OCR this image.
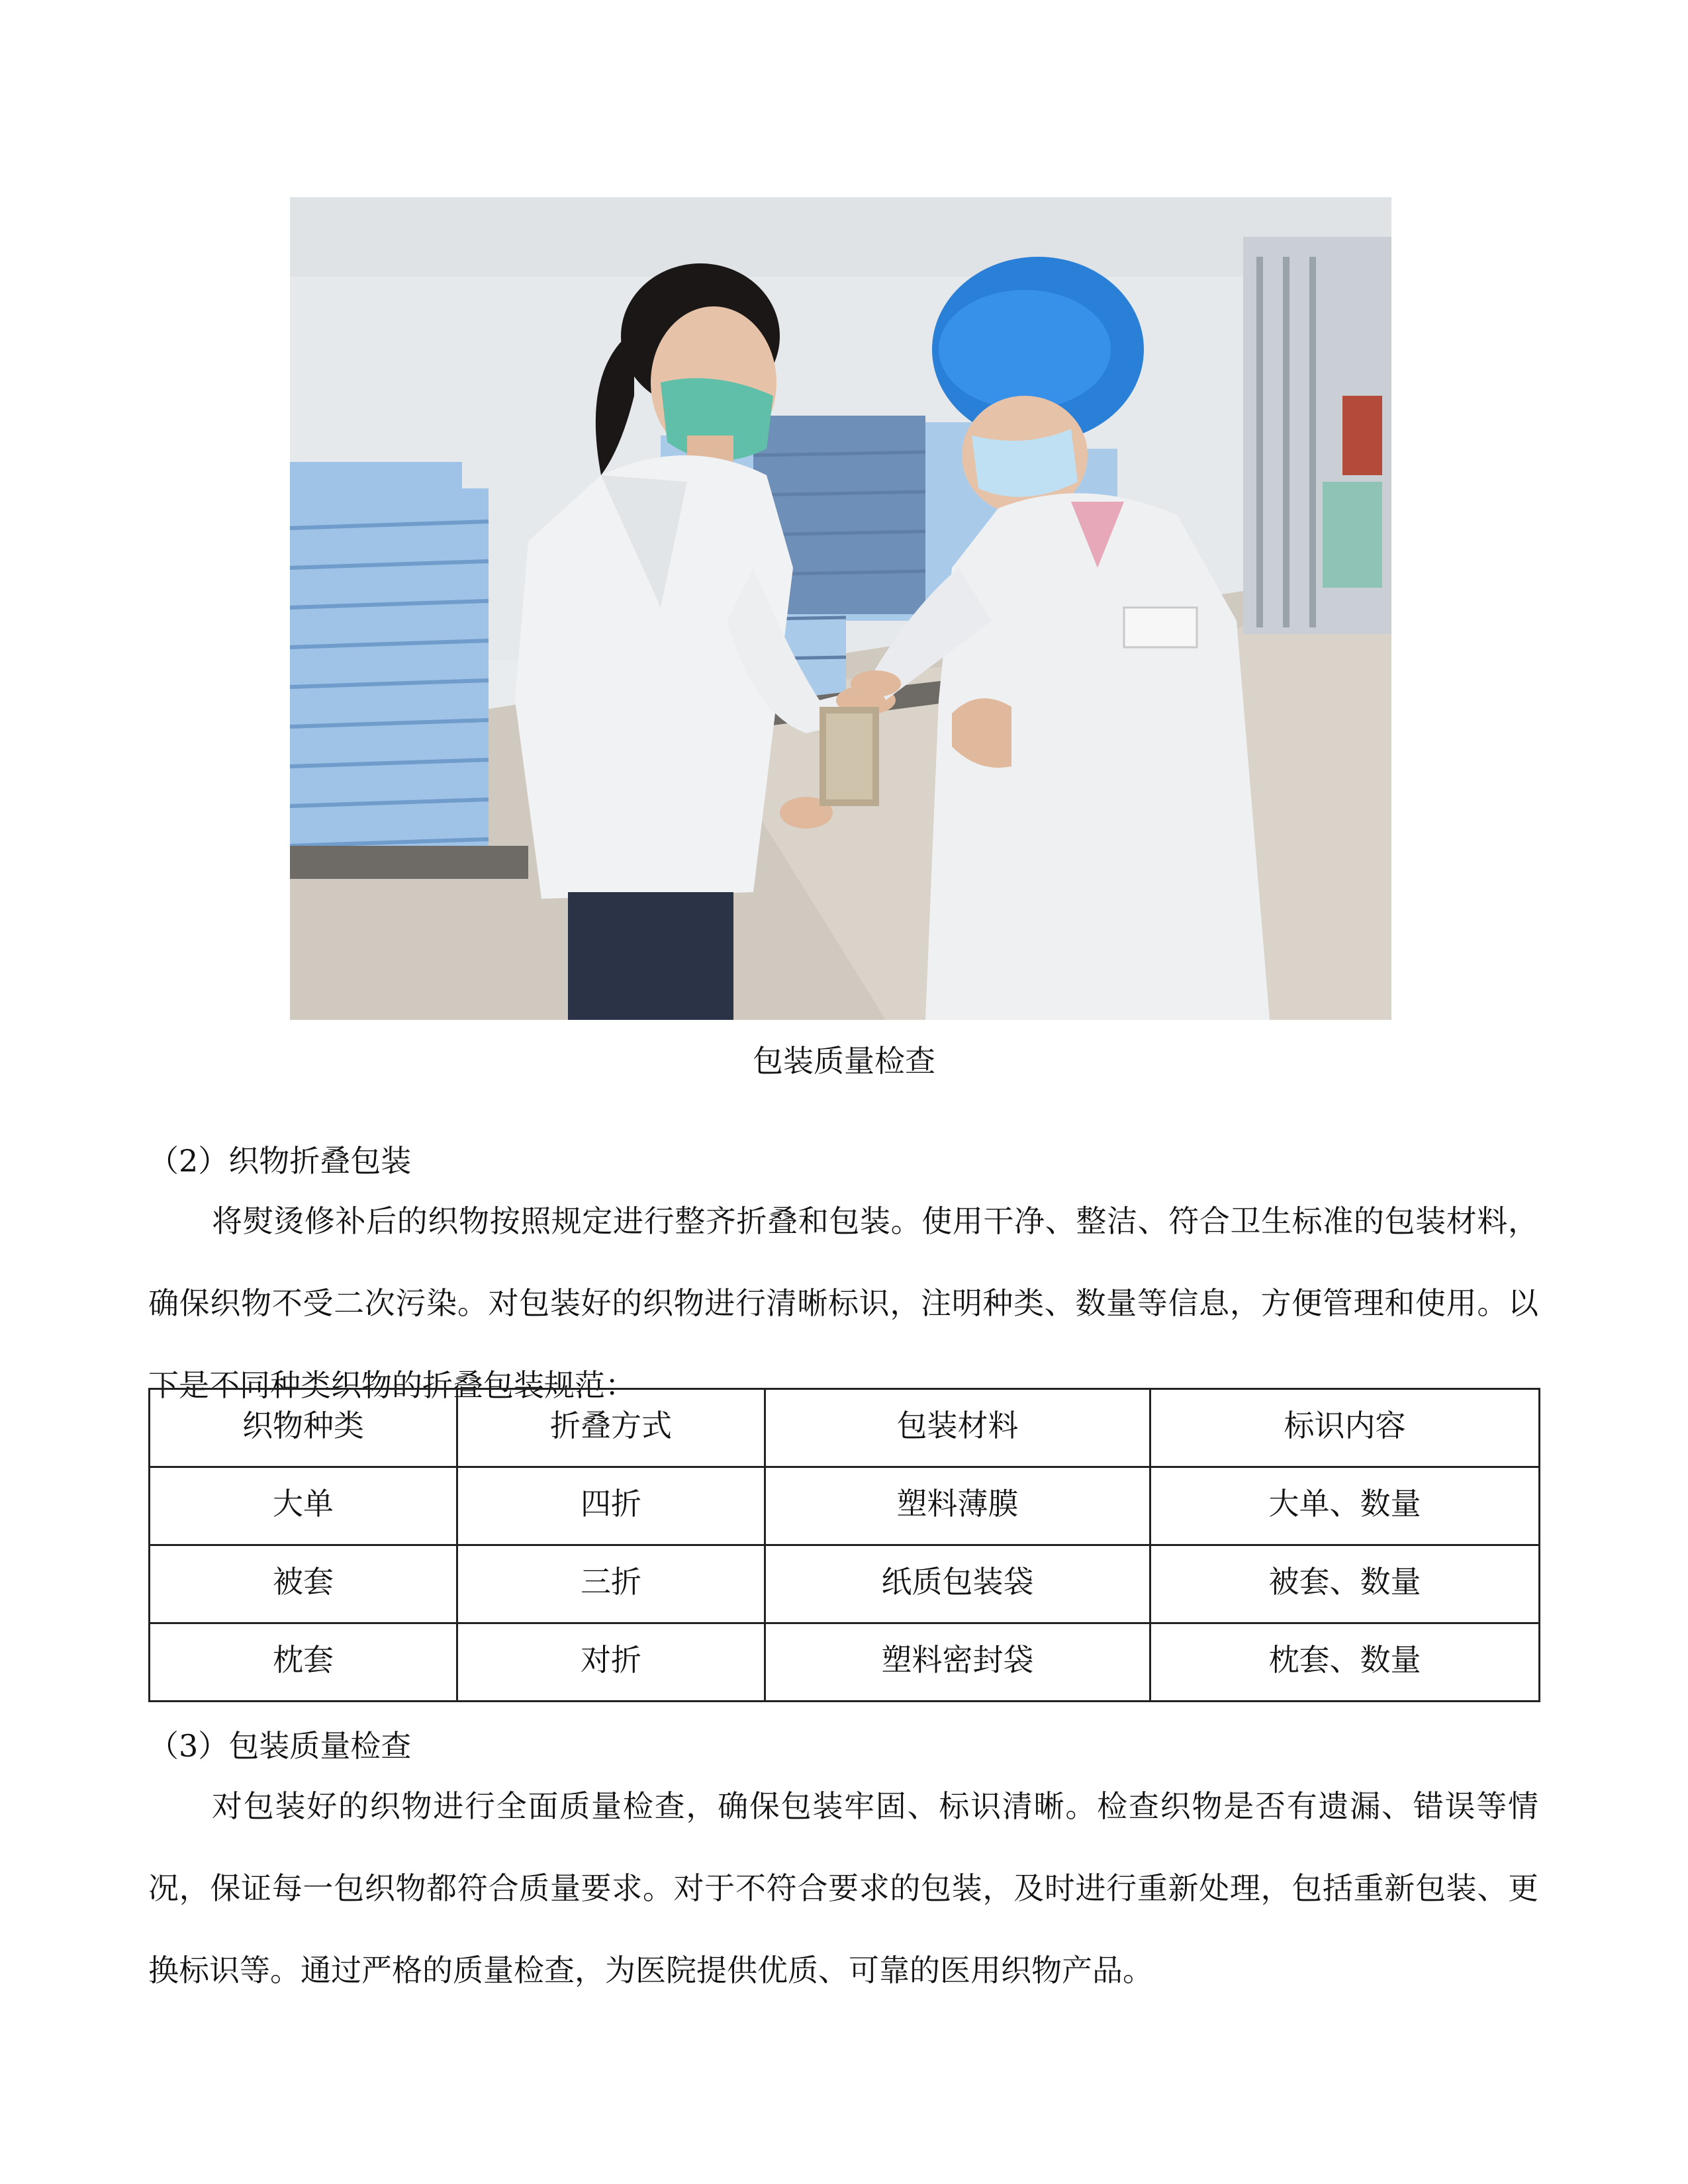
包装质量检查
（2）织物折叠包装
将熨烫修补后的织物按照规定进行整齐折叠和包装。使用干净、整洁、符合卫生标准的包装材料，确保织物不受二次污染。对包装好的织物进行清晰标识，注明种类、数量等信息，方便管理和使用。以下是不同种类织物的折叠包装规范：
织物种类	折叠方式	包装材料	标识内容
大单	四折	塑料薄膜	大单、数量
被套	三折	纸质包装袋	被套、数量
枕套	对折	塑料密封袋	枕套、数量
（3）包装质量检查
对包装好的织物进行全面质量检查，确保包装牢固、标识清晰。检查织物是否有遗漏、错误等情况，保证每一包织物都符合质量要求。对于不符合要求的包装，及时进行重新处理，包括重新包装、更换标识等。通过严格的质量检查，为医院提供优质、可靠的医用织物产品。
